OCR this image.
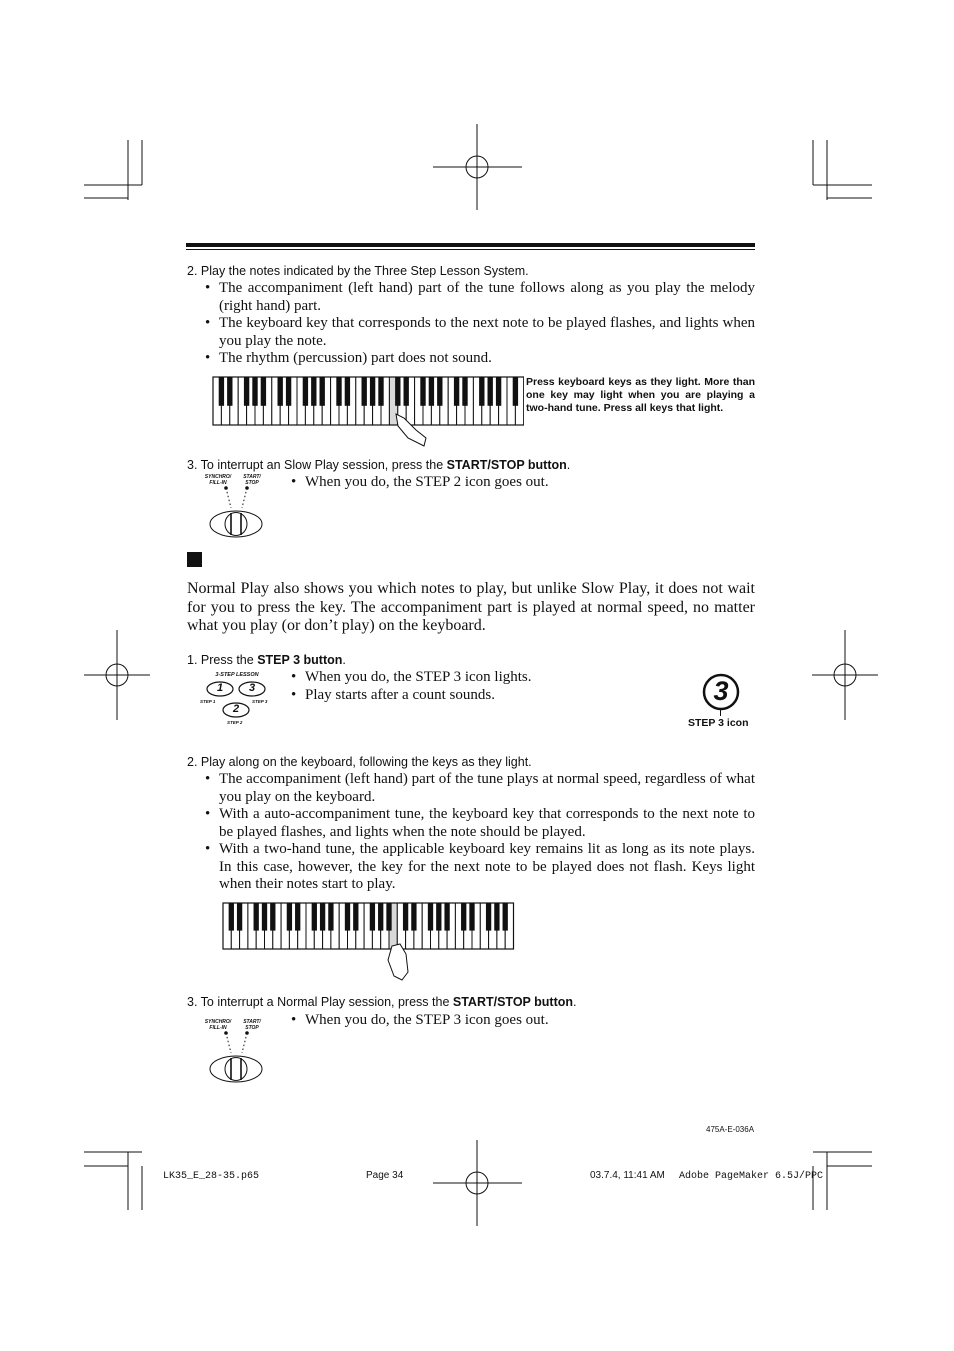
2. Play the notes indicated by the Three Step Lesson System.
• The accompaniment (left hand) part of the tune follows along as you play the melody (right hand) part.
• The keyboard key that corresponds to the next note to be played flashes, and lights when you play the note.
• The rhythm (percussion) part does not sound.
Press keyboard keys as they light. More than one key may light when you are playing a two-hand tune. Press all keys that light.
3. To interrupt an Slow Play session, press the START/STOP button.
• When you do, the STEP 2 icon goes out.
SYNCHRO/ FILL-IN
START/ STOP
Normal Play also shows you which notes to play, but unlike Slow Play, it does not wait for you to press the key. The accompaniment part is played at normal speed, no matter what you play (or don’t play) on the keyboard.
1. Press the STEP 3 button.
• When you do, the STEP 3 icon lights.
• Play starts after a count sounds.
3-STEP LESSON
1 3
2
STEP 1	STEP 3
STEP 2
3
STEP 3 icon
2. Play along on the keyboard, following the keys as they light.
• The accompaniment (left hand) part of the tune plays at normal speed, regardless of what you play on the keyboard.
• With a auto-accompaniment tune, the keyboard key that corresponds to the next note to be played flashes, and lights when the note should be played.
• With a two-hand tune, the applicable keyboard key remains lit as long as its note plays. In this case, however, the key for the next note to be played does not flash. Keys light when their notes start to play.
3. To interrupt a Normal Play session, press the START/STOP button.
• When you do, the STEP 3 icon goes out.
SYNCHRO/ FILL-IN
START/ STOP
475A-E-036A
LK35_E_28-35.p65	Page 34	03.7.4, 11:41 AM Adobe PageMaker 6.5J/PPC
